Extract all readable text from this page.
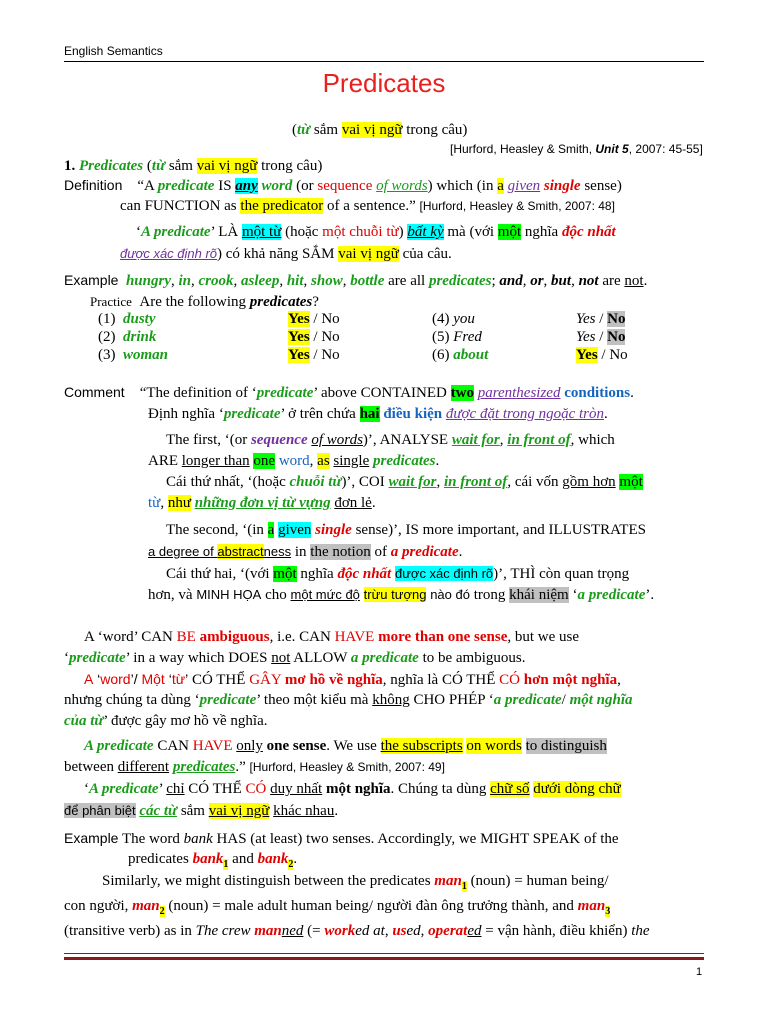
English Semantics
Predicates
(từ sắm vai vị ngữ trong câu)
[Hurford, Heasley & Smith, Unit 5, 2007: 45-55]
1. Predicates (từ sắm vai vị ngữ trong câu)
Definition    “A predicate IS any word (or sequence of words) which (in a given single sense)
can FUNCTION as the predicator of a sentence.” [Hurford, Heasley & Smith, 2007: 48]
‘A predicate’ LÀ một từ (hoặc một chuỗi từ) bất kỳ mà (với một nghĩa độc nhất
được xác định rõ) có khả năng SẮM vai vị ngữ của câu.
Example hungry, in, crook, asleep, hit, show, bottle are all predicates; and, or, but, not are not.
Practice  Are the following predicates?
(1)  dusty	Yes / No	(4) you	Yes / No
(2)  drink	Yes / No	(5) Fred	Yes / No
(3)  woman	Yes / No	(6) about	Yes / No
Comment    “The definition of ‘predicate’ above CONTAINED two parenthesized conditions.
Định nghĩa ‘predicate’ ở trên chứa hai điều kiện được đặt trong ngoặc tròn.
The first, ‘(or sequence of words)’, ANALYSE wait for, in front of, which
ARE longer than one word, as single predicates.
Cái thứ nhất, ‘(hoặc chuỗi từ)’, COI wait for, in front of, cái vốn gồm hơn một
từ, như những đơn vị từ vựng đơn lẻ.
The second, ‘(in a given single sense)’, IS more important, and ILLUSTRATES
a degree of abstractness in the notion of a predicate.
Cái thứ hai, ‘(với một nghĩa độc nhất được xác định rõ)’, THÌ còn quan trọng
hơn, và MINH HỌA cho một mức độ trừu tượng nào đó trong khái niệm ‘a predicate’.
A ‘word’ CAN BE ambiguous, i.e. CAN HAVE more than one sense, but we use
‘predicate’ in a way which DOES not ALLOW a predicate to be ambiguous.
A ‘word’/ Một ‘từ’ CÓ THỂ GÂY mơ hồ về nghĩa, nghĩa là CÓ THỂ CÓ hơn một nghĩa,
nhưng chúng ta dùng ‘predicate’ theo một kiểu mà không CHO PHÉP ‘a predicate/ một nghĩa
của từ’ được gây mơ hồ về nghĩa.
A predicate CAN HAVE only one sense. We use the subscripts on words to distinguish
between different predicates.” [Hurford, Heasley & Smith, 2007: 49]
‘A predicate’ chỉ CÓ THỂ CÓ duy nhất một nghĩa. Chúng ta dùng chữ số dưới dòng chữ
để phân biệt các từ sắm vai vị ngữ khác nhau.
Example The word bank HAS (at least) two senses. Accordingly, we MIGHT SPEAK of the
predicates bank$_1$ and bank$_2$.
Similarly, we might distinguish between the predicates man$_1$ (noun) = human being/
con người, man$_2$ (noun) = male adult human being/ người đàn ông trưởng thành, and man$_3$
(transitive verb) as in The crew manned (= worked at, used, operated = vận hành, điều khiển) the
1
